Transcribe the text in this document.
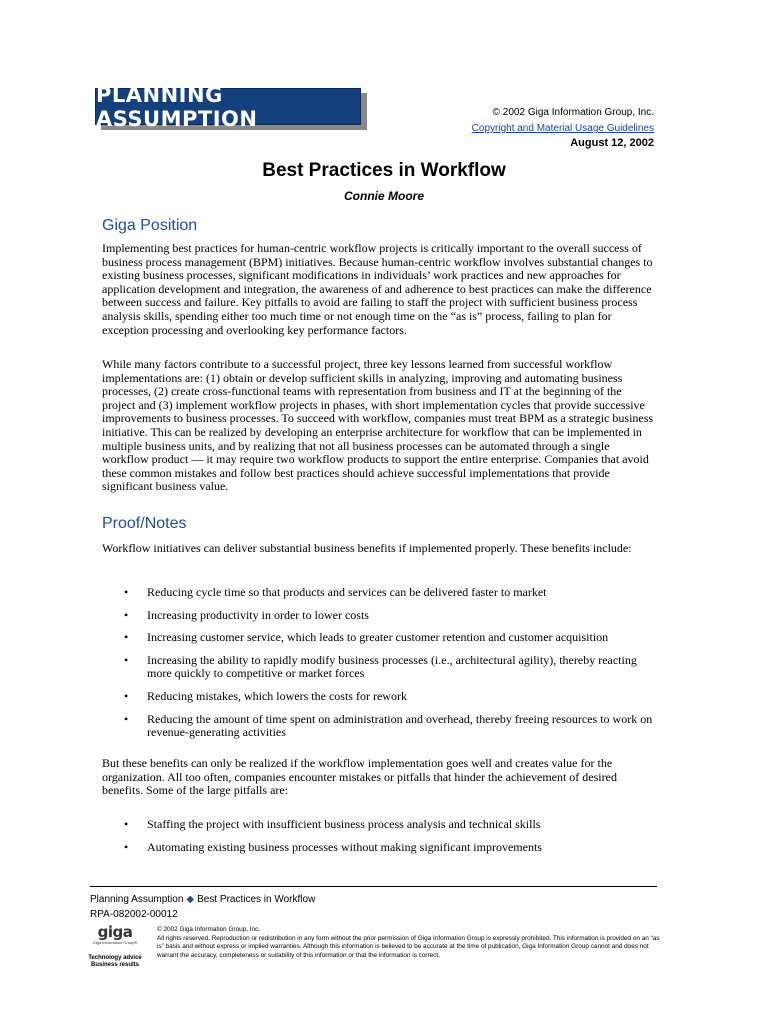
PLANNING ASSUMPTION	© 2002 Giga Information Group, Inc.
Copyright and Material Usage Guidelines
August 12, 2002
Best Practices in Workflow
Connie Moore
Giga Position
Implementing best practices for human-centric workflow projects is critically important to the overall success of business process management (BPM) initiatives. Because human-centric workflow involves substantial changes to existing business processes, significant modifications in individuals’ work practices and new approaches for application development and integration, the awareness of and adherence to best practices can make the difference between success and failure. Key pitfalls to avoid are failing to staff the project with sufficient business process analysis skills, spending either too much time or not enough time on the “as is” process, failing to plan for exception processing and overlooking key performance factors.
While many factors contribute to a successful project, three key lessons learned from successful workflow implementations are: (1) obtain or develop sufficient skills in analyzing, improving and automating business processes, (2) create cross-functional teams with representation from business and IT at the beginning of the project and (3) implement workflow projects in phases, with short implementation cycles that provide successive improvements to business processes. To succeed with workflow, companies must treat BPM as a strategic business initiative. This can be realized by developing an enterprise architecture for workflow that can be implemented in multiple business units, and by realizing that not all business processes can be automated through a single workflow product — it may require two workflow products to support the entire enterprise. Companies that avoid these common mistakes and follow best practices should achieve successful implementations that provide significant business value.
Proof/Notes
Workflow initiatives can deliver substantial business benefits if implemented properly. These benefits include:
• Reducing cycle time so that products and services can be delivered faster to market
• Increasing productivity in order to lower costs
• Increasing customer service, which leads to greater customer retention and customer acquisition
• Increasing the ability to rapidly modify business processes (i.e., architectural agility), thereby reacting more quickly to competitive or market forces
• Reducing mistakes, which lowers the costs for rework
• Reducing the amount of time spent on administration and overhead, thereby freeing resources to work on revenue-generating activities
But these benefits can only be realized if the workflow implementation goes well and creates value for the organization. All too often, companies encounter mistakes or pitfalls that hinder the achievement of desired benefits. Some of the large pitfalls are:
• Staffing the project with insufficient business process analysis and technical skills
• Automating existing business processes without making significant improvements
Planning Assumption ◆ Best Practices in Workflow
RPA-082002-00012
giga
Giga Information Group®
Technology advice Business results
© 2002 Giga Information Group, Inc.
All rights reserved. Reproduction or redistribution in any form without the prior permission of Giga Information Group is expressly prohibited. This information is provided on an “as is” basis and without express or implied warranties. Although this information is believed to be accurate at the time of publication, Giga Information Group cannot and does not warrant the accuracy, completeness or suitability of this information or that the information is correct.
